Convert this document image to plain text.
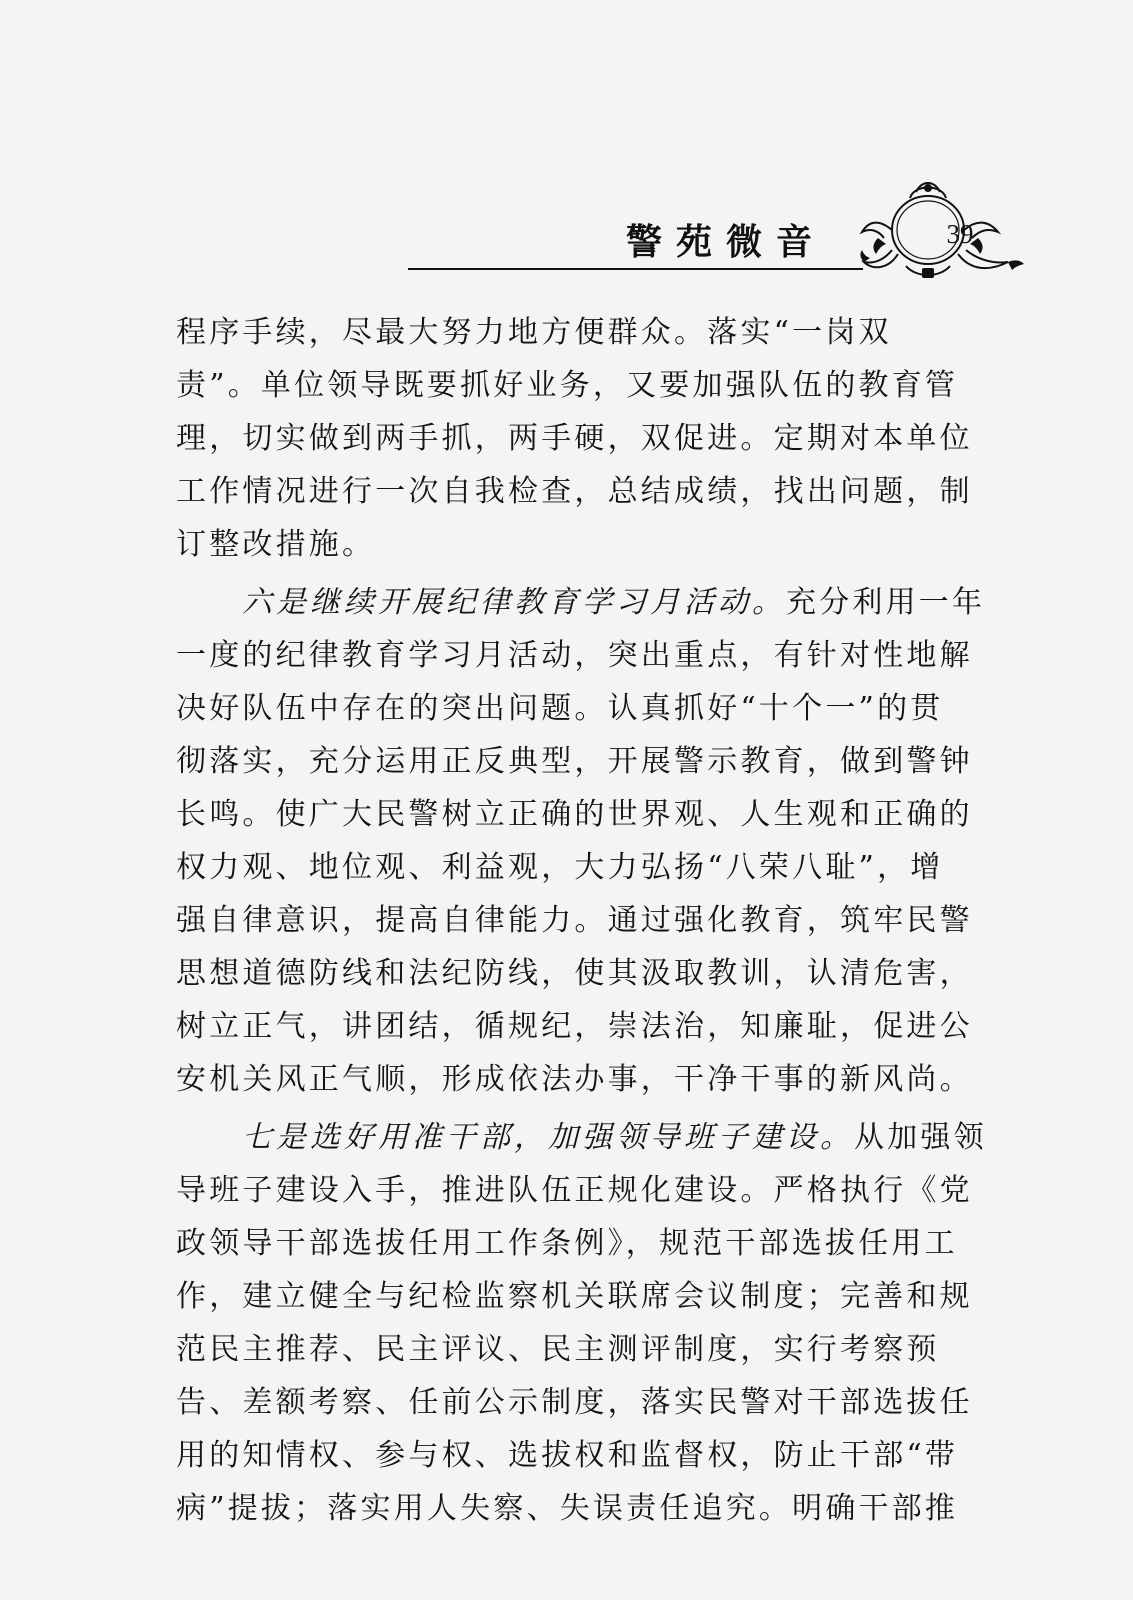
警苑微音	39
程序手续，尽最大努力地方便群众。落实“一岗双
责”。单位领导既要抓好业务，又要加强队伍的教育管
理，切实做到两手抓，两手硬，双促进。定期对本单位
工作情况进行一次自我检查，总结成绩，找出问题，制
订整改措施。
六是继续开展纪律教育学习月活动。充分利用一年
一度的纪律教育学习月活动，突出重点，有针对性地解
决好队伍中存在的突出问题。认真抓好“十个一”的贯
彻落实，充分运用正反典型，开展警示教育，做到警钟
长鸣。使广大民警树立正确的世界观、人生观和正确的
权力观、地位观、利益观，大力弘扬“八荣八耻”，增
强自律意识，提高自律能力。通过强化教育，筑牢民警
思想道德防线和法纪防线，使其汲取教训，认清危害，
树立正气，讲团结，循规纪，崇法治，知廉耻，促进公
安机关风正气顺，形成依法办事，干净干事的新风尚。
七是选好用准干部，加强领导班子建设。从加强领
导班子建设入手，推进队伍正规化建设。严格执行《党
政领导干部选拔任用工作条例》，规范干部选拔任用工
作，建立健全与纪检监察机关联席会议制度；完善和规
范民主推荐、民主评议、民主测评制度，实行考察预
告、差额考察、任前公示制度，落实民警对干部选拔任
用的知情权、参与权、选拔权和监督权，防止干部“带
病”提拔；落实用人失察、失误责任追究。明确干部推
